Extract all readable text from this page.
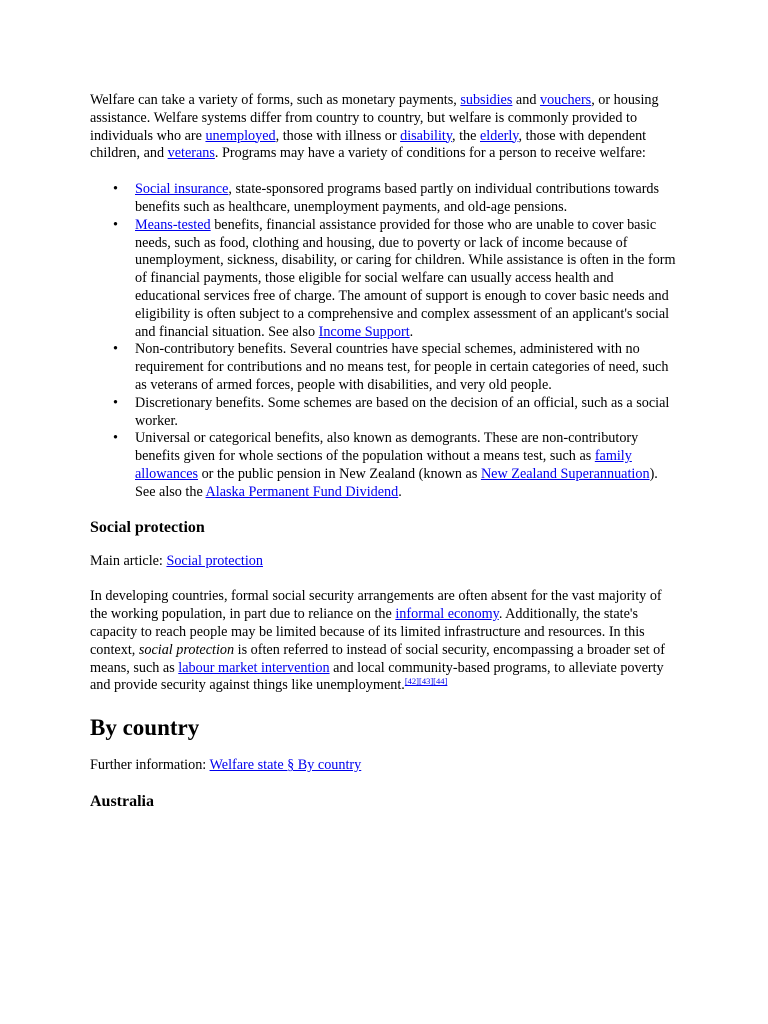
Welfare can take a variety of forms, such as monetary payments, subsidies and vouchers, or housing assistance. Welfare systems differ from country to country, but welfare is commonly provided to individuals who are unemployed, those with illness or disability, the elderly, those with dependent children, and veterans. Programs may have a variety of conditions for a person to receive welfare:

• Social insurance, state-sponsored programs based partly on individual contributions towards benefits such as healthcare, unemployment payments, and old-age pensions.
• Means-tested benefits, financial assistance provided for those who are unable to cover basic needs, such as food, clothing and housing, due to poverty or lack of income because of unemployment, sickness, disability, or caring for children. While assistance is often in the form of financial payments, those eligible for social welfare can usually access health and educational services free of charge. The amount of support is enough to cover basic needs and eligibility is often subject to a comprehensive and complex assessment of an applicant's social and financial situation. See also Income Support.
• Non-contributory benefits. Several countries have special schemes, administered with no requirement for contributions and no means test, for people in certain categories of need, such as veterans of armed forces, people with disabilities, and very old people.
• Discretionary benefits. Some schemes are based on the decision of an official, such as a social worker.
• Universal or categorical benefits, also known as demogrants. These are non-contributory benefits given for whole sections of the population without a means test, such as family allowances or the public pension in New Zealand (known as New Zealand Superannuation). See also the Alaska Permanent Fund Dividend.
Social protection

Main article: Social protection

In developing countries, formal social security arrangements are often absent for the vast majority of the working population, in part due to reliance on the informal economy. Additionally, the state's capacity to reach people may be limited because of its limited infrastructure and resources. In this context, social protection is often referred to instead of social security, encompassing a broader set of means, such as labour market intervention and local community-based programs, to alleviate poverty and provide security against things like unemployment.[42][43][44]

By country

Further information: Welfare state § By country

Australia
